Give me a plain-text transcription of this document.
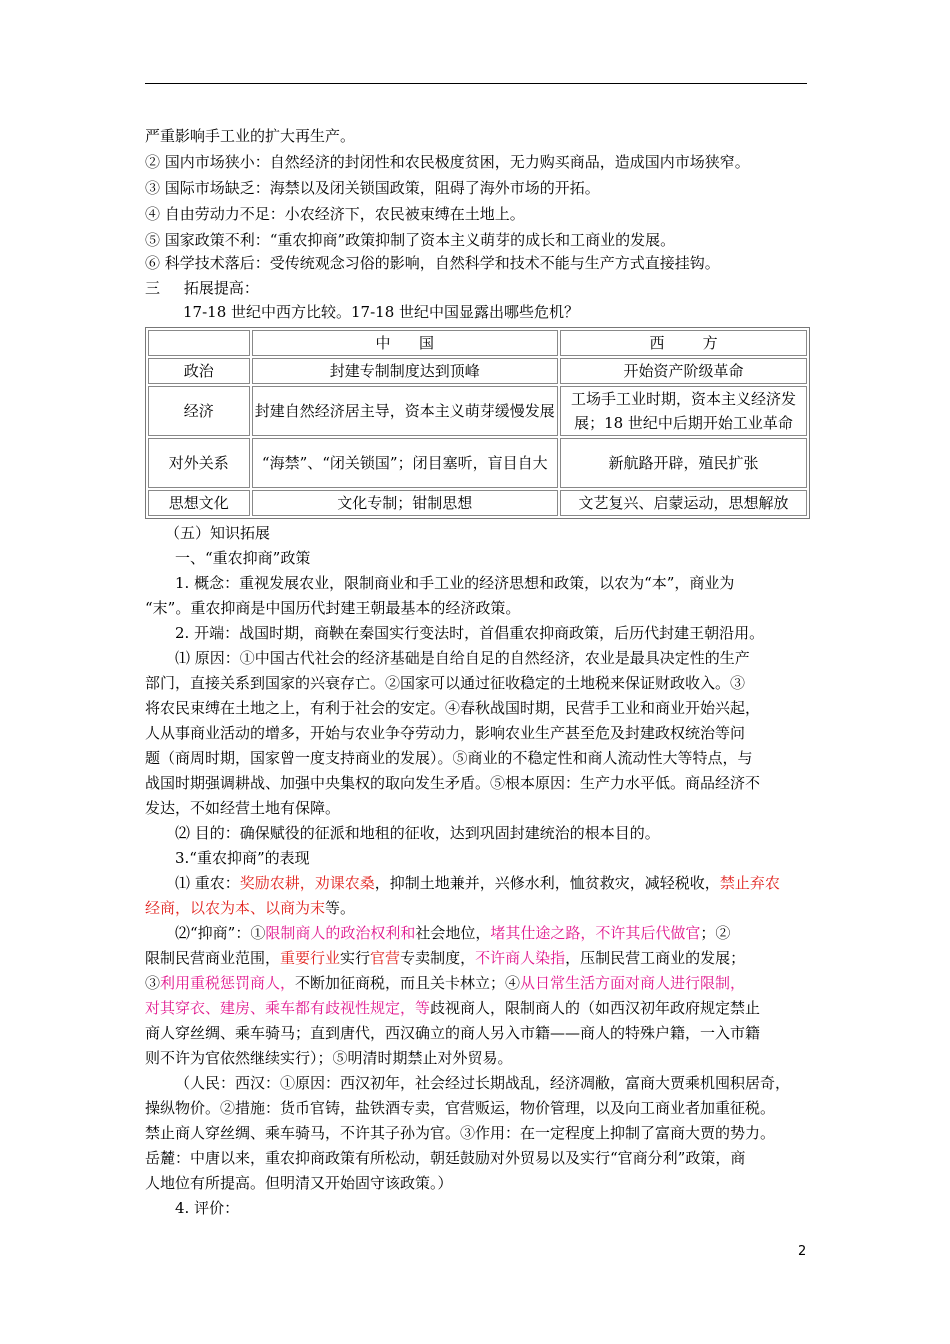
严重影响手工业的扩大再生产。
② 国内市场狭小：自然经济的封闭性和农民极度贫困，无力购买商品，造成国内市场狭窄。
③ 国际市场缺乏：海禁以及闭关锁国政策，阻碍了海外市场的开拓。
④ 自由劳动力不足：小农经济下，农民被束缚在土地上。
⑤ 国家政策不利：“重农抑商”政策抑制了资本主义萌芽的成长和工商业的发展。
⑥ 科学技术落后：受传统观念习俗的影响，自然科学和技术不能与生产方式直接挂钩。
三     拓展提高：
17-18 世纪中西方比较。17-18 世纪中国显露出哪些危机？
	中      国	西        方
政治	封建专制制度达到顶峰	开始资产阶级革命
经济	封建自然经济居主导，资本主义萌芽缓慢发展	工场手工业时期，资本主义经济发展；18 世纪中后期开始工业革命
对外关系	“海禁”、“闭关锁国”；闭目塞听，盲目自大	新航路开辟，殖民扩张
思想文化	文化专制；钳制思想	文艺复兴、启蒙运动，思想解放
（五）知识拓展
一、“重农抑商”政策
1. 概念：重视发展农业，限制商业和手工业的经济思想和政策，以农为“本”，商业为
“末”。重农抑商是中国历代封建王朝最基本的经济政策。
2. 开端：战国时期，商鞅在秦国实行变法时，首倡重农抑商政策，后历代封建王朝沿用。
⑴ 原因：①中国古代社会的经济基础是自给自足的自然经济，农业是最具决定性的生产
部门，直接关系到国家的兴衰存亡。②国家可以通过征收稳定的土地税来保证财政收入。③
将农民束缚在土地之上，有利于社会的安定。④春秋战国时期，民营手工业和商业开始兴起，
人从事商业活动的增多，开始与农业争夺劳动力，影响农业生产甚至危及封建政权统治等问
题（商周时期，国家曾一度支持商业的发展）。⑤商业的不稳定性和商人流动性大等特点，与
战国时期强调耕战、加强中央集权的取向发生矛盾。⑤根本原因：生产力水平低。商品经济不
发达，不如经营土地有保障。
⑵ 目的：确保赋役的征派和地租的征收，达到巩固封建统治的根本目的。
3.“重农抑商”的表现
⑴ 重农：奖励农耕，劝课农桑，抑制土地兼并，兴修水利，恤贫救灾，减轻税收，禁止弃农
经商，以农为本、以商为末等。
⑵“抑商”：①限制商人的政治权利和社会地位，堵其仕途之路，不许其后代做官；②
限制民营商业范围，重要行业实行官营专卖制度，不许商人染指，压制民营工商业的发展；
③利用重税惩罚商人，不断加征商税，而且关卡林立；④从日常生活方面对商人进行限制，
对其穿衣、建房、乘车都有歧视性规定，等歧视商人，限制商人的（如西汉初年政府规定禁止
商人穿丝绸、乘车骑马；直到唐代，西汉确立的商人另入市籍——商人的特殊户籍，一入市籍
则不许为官依然继续实行）；⑤明清时期禁止对外贸易。
（人民：西汉：①原因：西汉初年，社会经过长期战乱，经济凋敝，富商大贾乘机囤积居奇，
操纵物价。②措施：货币官铸，盐铁酒专卖，官营贩运，物价管理，以及向工商业者加重征税。
禁止商人穿丝绸、乘车骑马，不许其子孙为官。③作用：在一定程度上抑制了富商大贾的势力。
岳麓：中唐以来，重农抑商政策有所松动，朝廷鼓励对外贸易以及实行“官商分利”政策，商
人地位有所提高。但明清又开始固守该政策。）
4. 评价：
2
